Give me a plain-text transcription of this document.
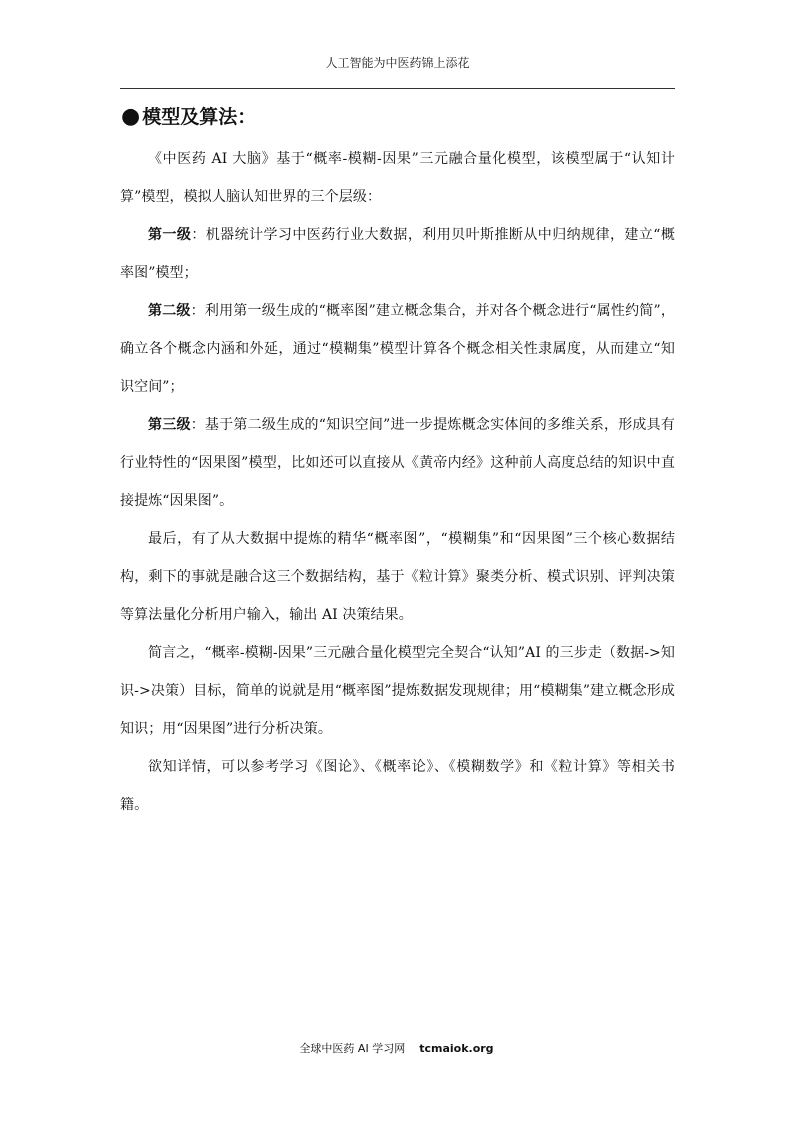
人工智能为中医药锦上添花
● 模型及算法：

《中医药 AI 大脑》基于“概率-模糊-因果”三元融合量化模型，该模型属于“认知计算”模型，模拟人脑认知世界的三个层级：

第一级：机器统计学习中医药行业大数据，利用贝叶斯推断从中归纳规律，建立“概率图”模型；

第二级：利用第一级生成的“概率图”建立概念集合，并对各个概念进行“属性约简”，确立各个概念内涵和外延，通过“模糊集”模型计算各个概念相关性隶属度，从而建立“知识空间”；

第三级：基于第二级生成的“知识空间”进一步提炼概念实体间的多维关系，形成具有行业特性的“因果图”模型，比如还可以直接从《黄帝内经》这种前人高度总结的知识中直接提炼“因果图”。

最后，有了从大数据中提炼的精华“概率图”，“模糊集”和“因果图”三个核心数据结构，剩下的事就是融合这三个数据结构，基于《粒计算》聚类分析、模式识别、评判决策等算法量化分析用户输入，输出 AI 决策结果。

简言之，“概率-模糊-因果”三元融合量化模型完全契合“认知”AI 的三步走（数据->知识->决策）目标，简单的说就是用“概率图”提炼数据发现规律；用“模糊集”建立概念形成知识；用“因果图”进行分析决策。

欲知详情，可以参考学习《图论》、《概率论》、《模糊数学》和《粒计算》等相关书籍。

全球中医药 AI 学习网 tcmaiok.org
